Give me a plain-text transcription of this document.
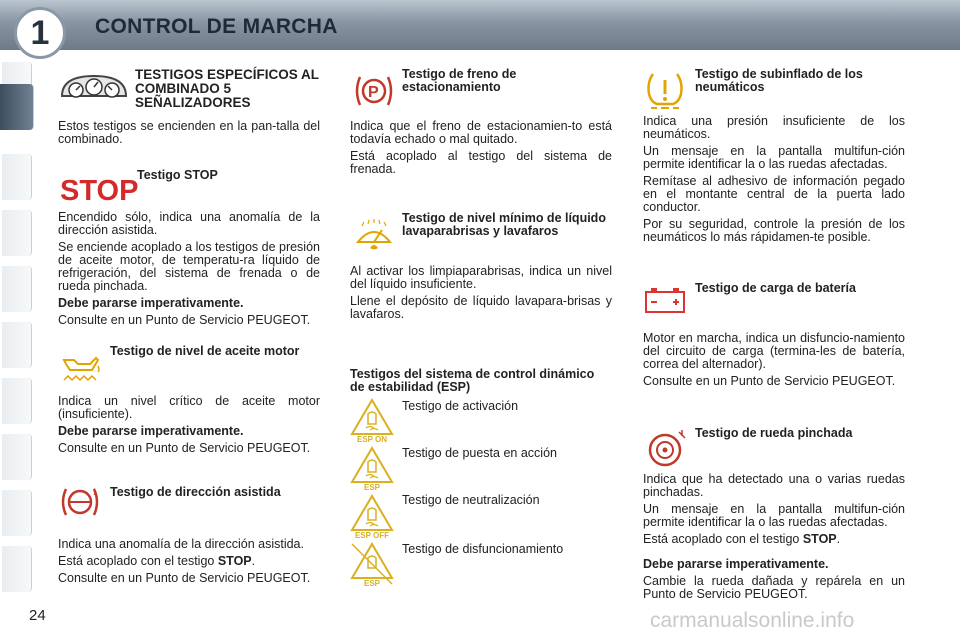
CONTROL DE MARCHA
1
TESTIGOS ESPECÍFICOS AL COMBINADO 5 SEÑALIZADORES

Estos testigos se encienden en la pan-talla del combinado.

STOP
Testigo STOP

Encendido sólo, indica una anomalía de la dirección asistida.

Se enciende acoplado a los testigos de presión de aceite motor, de temperatu-ra líquido de refrigeración, del sistema de frenada o de rueda pinchada.

Debe pararse imperativamente.

Consulte en un Punto de Servicio PEUGEOT.

Testigo de nivel de aceite motor

Indica un nivel crítico de aceite motor (insuficiente).

Debe pararse imperativamente.

Consulte en un Punto de Servicio PEUGEOT.

! Testigo de dirección asistida

Indica una anomalía de la dirección asistida.

Está acoplado con el testigo STOP.

Consulte en un Punto de Servicio PEUGEOT.

P
Testigo de freno de estacionamiento

Indica que el freno de estacionamien-to está todavía echado o mal quitado.

Está acoplado al testigo del sistema de frenada.

Testigo de nivel mínimo de líquido lavaparabrisas y lavafaros

Al activar los limpiaparabrisas, indica un nivel del líquido insuficiente.

Llene el depósito de líquido lavapara-brisas y lavafaros.

Testigos del sistema de control dinámico de estabilidad (ESP)
ESP ON
Testigo de activación
ESP
Testigo de puesta en acción
ESP OFF
Testigo de neutralización
ESP
Testigo de disfuncionamiento
Testigo de subinflado de los neumáticos

Indica una presión insuficiente de los neumáticos.

Un mensaje en la pantalla multifun-ción permite identificar la o las ruedas afectadas.

Remítase al adhesivo de información pegado en el montante central de la puerta lado conductor.

Por su seguridad, controle la presión de los neumáticos lo más rápidamen-te posible.

Testigo de carga de batería

Motor en marcha, indica un disfuncio-namiento del circuito de carga (termina-les de batería, correa del alternador).

Consulte en un Punto de Servicio PEUGEOT.

Testigo de rueda pinchada

Indica que ha detectado una o varias ruedas pinchadas.

Un mensaje en la pantalla multifun-ción permite identificar la o las ruedas afectadas.

Está acoplado con el testigo STOP.

Debe pararse imperativamente.

Cambie la rueda dañada y repárela en un Punto de Servicio PEUGEOT.

24	carmanualsonline.info
